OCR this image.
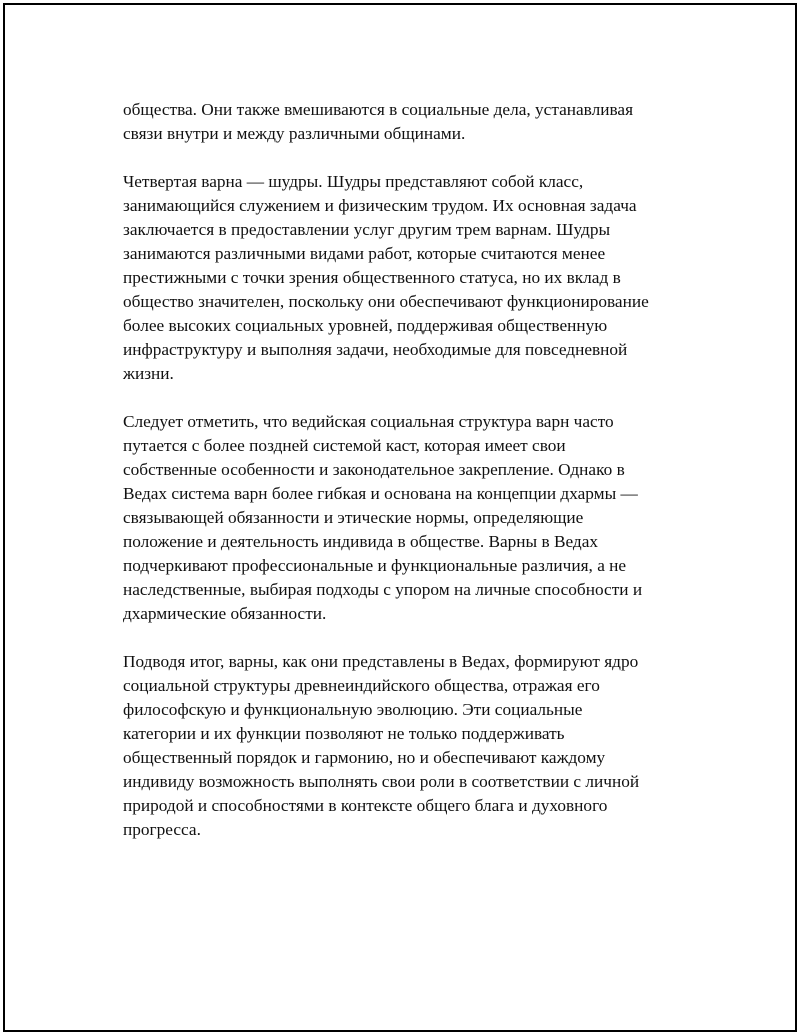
общества. Они также вмешиваются в социальные дела, устанавливая
связи внутри и между различными общинами.

Четвертая варна — шудры. Шудры представляют собой класс,
занимающийся служением и физическим трудом. Их основная задача
заключается в предоставлении услуг другим трем варнам. Шудры
занимаются различными видами работ, которые считаются менее
престижными с точки зрения общественного статуса, но их вклад в
общество значителен, поскольку они обеспечивают функционирование
более высоких социальных уровней, поддерживая общественную
инфраструктуру и выполняя задачи, необходимые для повседневной
жизни.

Следует отметить, что ведийская социальная структура варн часто
путается с более поздней системой каст, которая имеет свои
собственные особенности и законодательное закрепление. Однако в
Ведах система варн более гибкая и основана на концепции дхармы —
связывающей обязанности и этические нормы, определяющие
положение и деятельность индивида в обществе. Варны в Ведах
подчеркивают профессиональные и функциональные различия, а не
наследственные, выбирая подходы с упором на личные способности и
дхармические обязанности.

Подводя итог, варны, как они представлены в Ведах, формируют ядро
социальной структуры древнеиндийского общества, отражая его
философскую и функциональную эволюцию. Эти социальные
категории и их функции позволяют не только поддерживать
общественный порядок и гармонию, но и обеспечивают каждому
индивиду возможность выполнять свои роли в соответствии с личной
природой и способностями в контексте общего блага и духовного
прогресса.
